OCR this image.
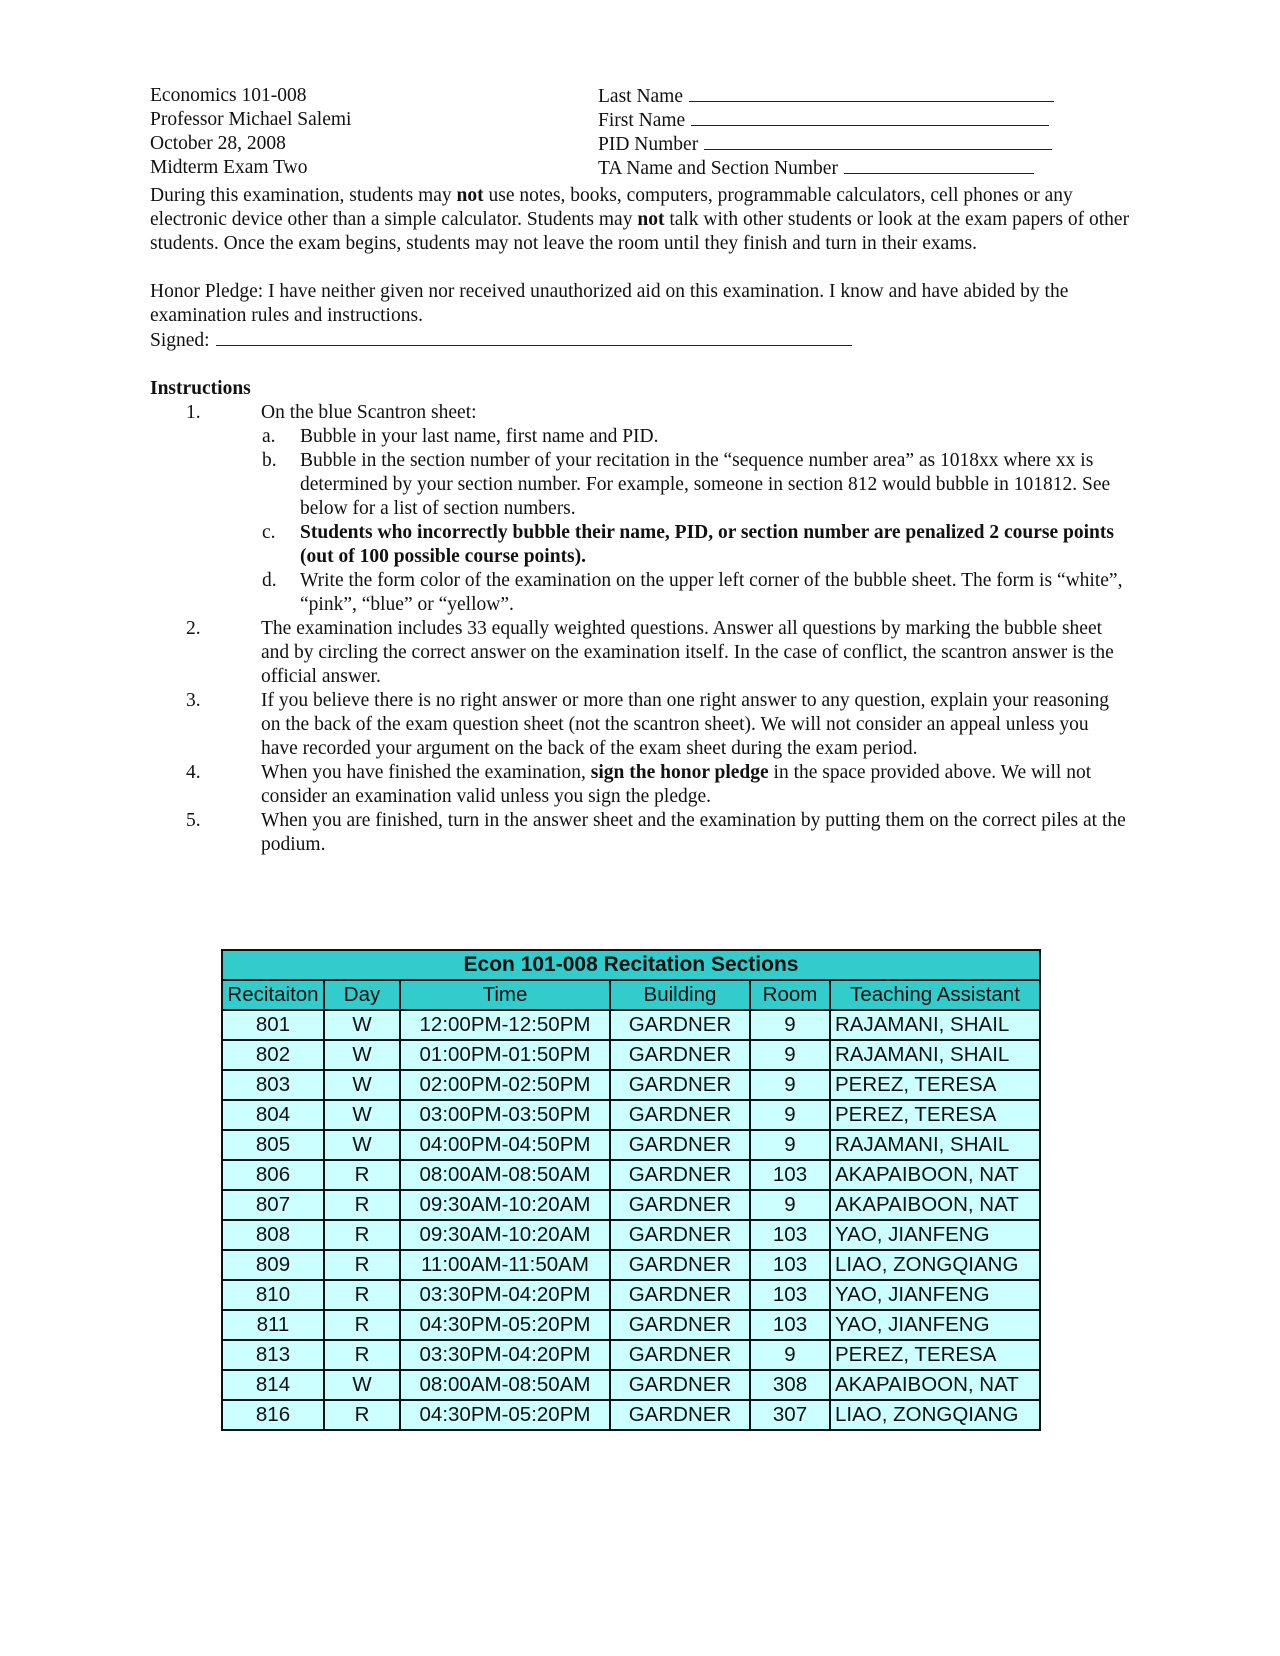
Economics 101-008
Professor Michael Salemi
October 28, 2008
Midterm Exam Two
Last Name
First Name
PID Number
TA Name and Section Number

During this examination, students may not use notes, books, computers, programmable calculators, cell phones or any electronic device other than a simple calculator. Students may not talk with other students or look at the exam papers of other students. Once the exam begins, students may not leave the room until they finish and turn in their exams.

Honor Pledge: I have neither given nor received unauthorized aid on this examination. I know and have abided by the examination rules and instructions.

Signed:
Instructions
1.	On the blue Scantron sheet:
a. Bubble in your last name, first name and PID.
b. Bubble in the section number of your recitation in the “sequence number area” as 1018xx where xx is determined by your section number. For example, someone in section 812 would bubble in 101812. See below for a list of section numbers.
c. Students who incorrectly bubble their name, PID, or section number are penalized 2 course points (out of 100 possible course points).
d. Write the form color of the examination on the upper left corner of the bubble sheet. The form is “white”, “pink”, “blue” or “yellow”.
2.	The examination includes 33 equally weighted questions. Answer all questions by marking the bubble sheet and by circling the correct answer on the examination itself. In the case of conflict, the scantron answer is the official answer.
3.	If you believe there is no right answer or more than one right answer to any question, explain your reasoning on the back of the exam question sheet (not the scantron sheet). We will not consider an appeal unless you have recorded your argument on the back of the exam sheet during the exam period.
4.	When you have finished the examination, sign the honor pledge in the space provided above. We will not consider an examination valid unless you sign the pledge.
5.	When you are finished, turn in the answer sheet and the examination by putting them on the correct piles at the podium.
Econ 101-008 Recitation Sections					
Recitaiton	Day	Time	Building	Room	Teaching Assistant
801	W	12:00PM-12:50PM	GARDNER	9	RAJAMANI, SHAIL
802	W	01:00PM-01:50PM	GARDNER	9	RAJAMANI, SHAIL
803	W	02:00PM-02:50PM	GARDNER	9	PEREZ, TERESA
804	W	03:00PM-03:50PM	GARDNER	9	PEREZ, TERESA
805	W	04:00PM-04:50PM	GARDNER	9	RAJAMANI, SHAIL
806	R	08:00AM-08:50AM	GARDNER	103	AKAPAIBOON, NAT
807	R	09:30AM-10:20AM	GARDNER	9	AKAPAIBOON, NAT
808	R	09:30AM-10:20AM	GARDNER	103	YAO, JIANFENG
809	R	11:00AM-11:50AM	GARDNER	103	LIAO, ZONGQIANG
810	R	03:30PM-04:20PM	GARDNER	103	YAO, JIANFENG
811	R	04:30PM-05:20PM	GARDNER	103	YAO, JIANFENG
813	R	03:30PM-04:20PM	GARDNER	9	PEREZ, TERESA
814	W	08:00AM-08:50AM	GARDNER	308	AKAPAIBOON, NAT
816	R	04:30PM-05:20PM	GARDNER	307	LIAO, ZONGQIANG
